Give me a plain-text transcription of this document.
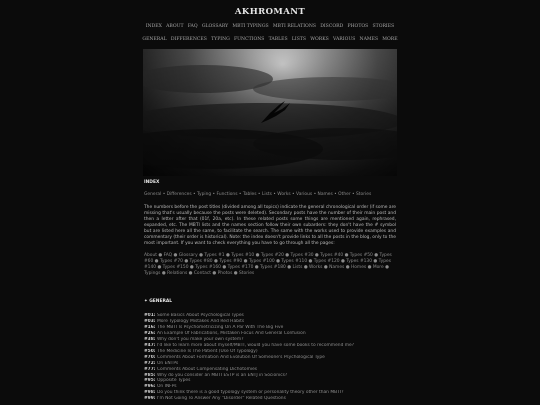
AKHROMANT
INDEX ABOUT FAQ GLOSSARY MBTI TYPINGS MBTI RELATIONS DISCORD PHOTOS STORIES
GENERAL DIFFERENCES TYPING FUNCTIONS TABLES LISTS WORKS VARIOUS NAMES MORE
INDEX
General • Differences • Typing • Functions • Tables • Lists • Works • Various • Names • Other • Stories
The numbers before the post titles (divided among all topics) indicate the general chronological order (if some are missing that's usually because the posts were deleted). Secondary posts have the number of their main post and then a letter after that (01f, 20a, etc). In these related posts some things are mentioned again, rephrased, expanded, etc. The MBTI lists and the names section follow their own subarders: they don't have the # symbol but are listed here all the same, to facilitate the search. The same with the works used to provide examples and commentary (their order is historical). Note: the index doesn't provide links to all the posts in the blog, only to the most important. If you want to check everything you have to go through all the pages:
About ● FAQ ● Glossary ● Types #1 ● Types #10 ● Types #20 ● Types #30 ● Types #40 ● Types #50 ● Types #60 ● Types #70 ● Types #80 ● Types #90 ● Types #100 ● Types #110 ● Types #120 ● Types #130 ● Types #140 ● Types #150 ● Types #160 ● Types #170 ● Types #180 ● Lists ● Works ● Names ● Homes ● More ● Typings ● Relations ● Contact ● Photos ● Stories
✦ GENERAL
#01: Some Basics About Psychological Types
#03: More Typology Mistakes And Red Habits
#16: The MBTI Is Psychometricizing On A Par With The Big Five
#26: An Example Of Fabrications, Mistaken Focus And General Confusion
#38: Why don't you make your own system?
#47: I'd like to learn more about myself/MBTI, would you have some books to recommend me?
#50: The Medicine Is The Patient (Use Of Typology)
#70: Comments About Formation And Evolution Of Someone's Psychological Type
#72: On ENTPs
#77: Comments About Compensating Dichotomies
#85: Why do you consider an MBTI ESTP is an ENTJ in Socionics?
#95: Opposite Types
#96: On INFPs
#98: Do you think there is a good typology system or personality theory other than MBTI?
#99: I'm Not Going To Answer Any "Disorder" Related Questions
